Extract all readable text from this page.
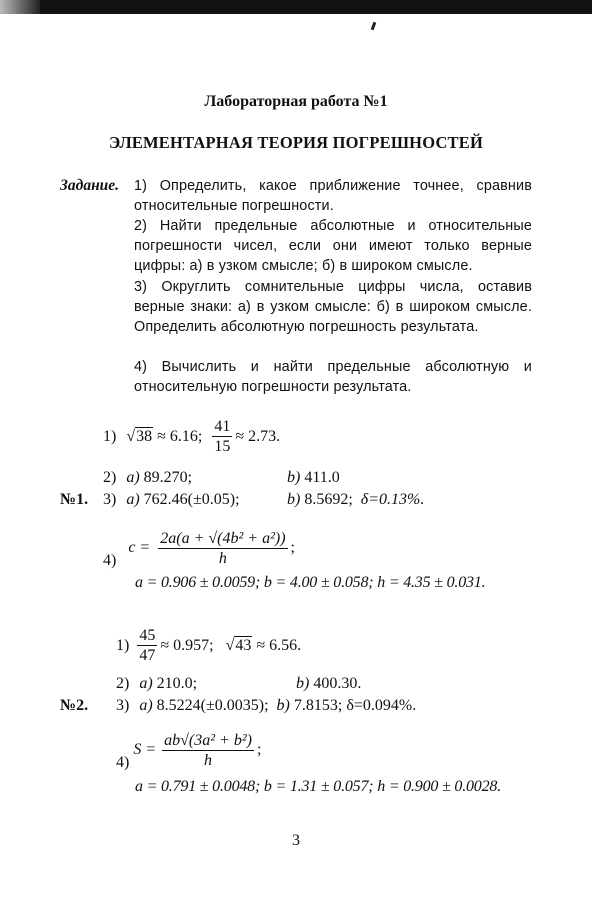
Лабораторная работа №1
ЭЛЕМЕНТАРНАЯ ТЕОРИЯ ПОГРЕШНОСТЕЙ
Задание. 1) Определить, какое приближение точнее, сравнив относительные погрешности.
2) Найти предельные абсолютные и относительные погрешности чисел, если они имеют только верные цифры: а) в узком смысле; б) в широком смысле.
3) Округлить сомнительные цифры числа, оставив верные знаки: а) в узком смысле: б) в широком смысле. Определить абсолютную погрешность результата.
4) Вычислить и найти предельные абсолютную и относительную погрешности результата.
1) √38 ≈ 6.16; $\frac{41}{15} \approx 2.73$.
2) a) 89.270;	b) 411.0
№1. 3) a) 762.46(±0.05);	b) 8.5692; δ=0.13%.
4)
$c = \frac{\text{2a(a + √(4b² + a²))}}{h}$ ;
a = 0.906 ± 0.0059; b = 4.00 ± 0.058; h = 4.35 ± 0.031.
$1) \frac{45}{47} \approx 0.957$; √43 ≈ 6.56.
2) a) 210.0;	b) 400.30.
№2. 3) a) 8.5224(±0.0035); b) 7.8153; δ=0.094%.
4)
$S = \frac{\text{ab√(3a² + b²)}}{h}$ ;
a = 0.791 ± 0.0048; b = 1.31 ± 0.057; h = 0.900 ± 0.0028.
3
